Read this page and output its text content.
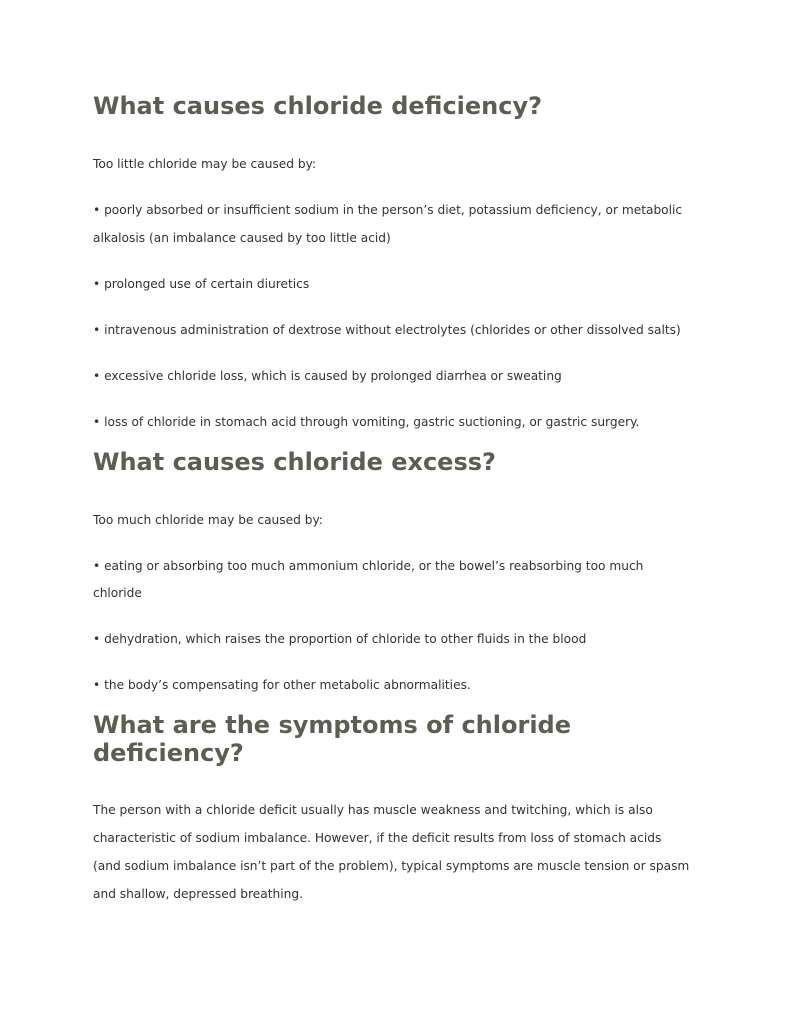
What causes chloride deficiency?

Too little chloride may be caused by:

• poorly absorbed or insufficient sodium in the person’s diet, potassium deficiency, or metabolic

alkalosis (an imbalance caused by too little acid)

• prolonged use of certain diuretics

• intravenous administration of dextrose without electrolytes (chlorides or other dissolved salts)

• excessive chloride loss, which is caused by prolonged diarrhea or sweating

• loss of chloride in stomach acid through vomiting, gastric suctioning, or gastric surgery.

What causes chloride excess?

Too much chloride may be caused by:

• eating or absorbing too much ammonium chloride, or the bowel’s reabsorbing too much

chloride

• dehydration, which raises the proportion of chloride to other fluids in the blood

• the body’s compensating for other metabolic abnormalities.

What are the symptoms of chloride
deficiency?

The person with a chloride deficit usually has muscle weakness and twitching, which is also

characteristic of sodium imbalance. However, if the deficit results from loss of stomach acids

(and sodium imbalance isn’t part of the problem), typical symptoms are muscle tension or spasm

and shallow, depressed breathing.
